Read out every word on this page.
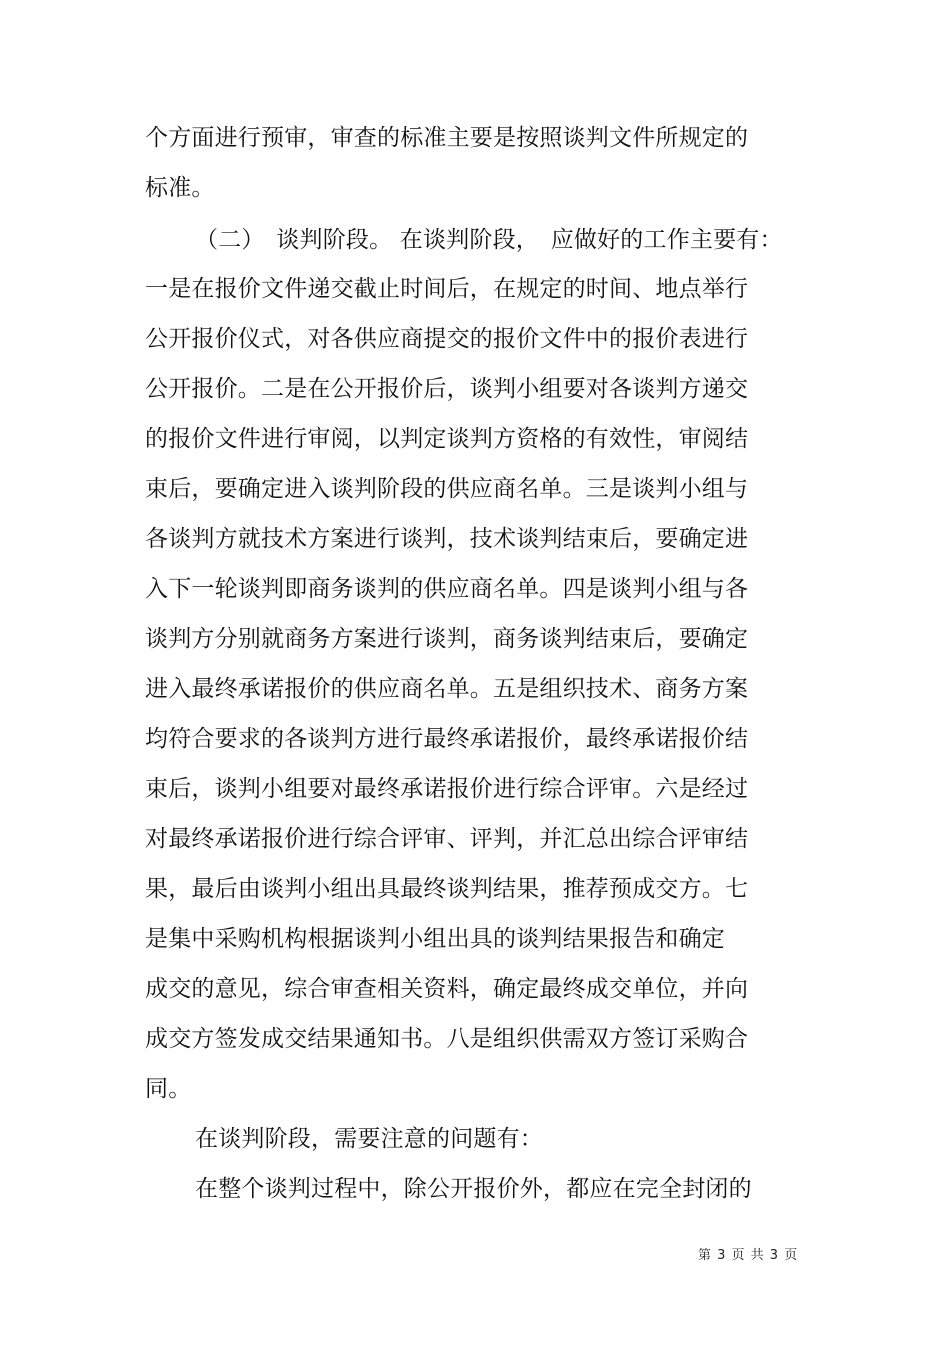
个方面进行预审，审查的标准主要是按照谈判文件所规定的
标准。
（二）　谈判阶段。 在谈判阶段，　应做好的工作主要有：
一是在报价文件递交截止时间后，在规定的时间、地点举行
公开报价仪式，对各供应商提交的报价文件中的报价表进行
公开报价。二是在公开报价后，谈判小组要对各谈判方递交
的报价文件进行审阅，以判定谈判方资格的有效性，审阅结
束后，要确定进入谈判阶段的供应商名单。三是谈判小组与
各谈判方就技术方案进行谈判，技术谈判结束后，要确定进
入下一轮谈判即商务谈判的供应商名单。四是谈判小组与各
谈判方分别就商务方案进行谈判，商务谈判结束后，要确定
进入最终承诺报价的供应商名单。五是组织技术、商务方案
均符合要求的各谈判方进行最终承诺报价，最终承诺报价结
束后，谈判小组要对最终承诺报价进行综合评审。六是经过
对最终承诺报价进行综合评审、评判，并汇总出综合评审结
果，最后由谈判小组出具最终谈判结果，推荐预成交方。七
是集中采购机构根据谈判小组出具的谈判结果报告和确定
成交的意见，综合审查相关资料，确定最终成交单位，并向
成交方签发成交结果通知书。八是组织供需双方签订采购合
同。
在谈判阶段，需要注意的问题有：
在整个谈判过程中，除公开报价外，都应在完全封闭的
第 3 页 共 3 页
